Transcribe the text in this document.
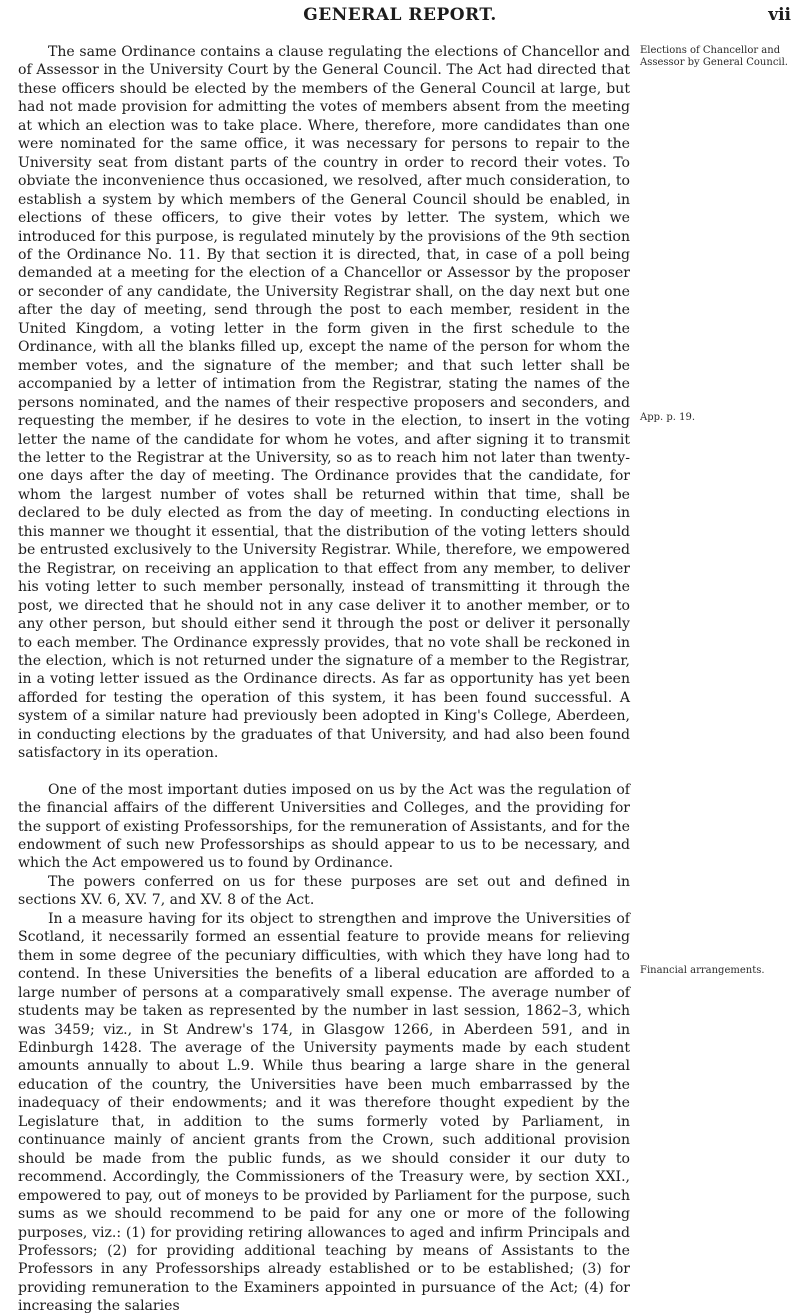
GENERAL REPORT.	vii

The same Ordinance contains a clause regulating the elections of Chancellor and of Assessor in the University Court by the General Council. The Act had directed that these officers should be elected by the members of the General Council at large, but had not made provision for admitting the votes of members absent from the meeting at which an election was to take place. Where, therefore, more candidates than one were nominated for the same office, it was necessary for persons to repair to the University seat from distant parts of the country in order to record their votes. To obviate the inconvenience thus occasioned, we resolved, after much consideration, to establish a system by which members of the General Council should be enabled, in elections of these officers, to give their votes by letter. The system, which we introduced for this purpose, is regulated minutely by the provisions of the 9th section of the Ordinance No. 11. By that section it is directed, that, in case of a poll being demanded at a meeting for the election of a Chancellor or Assessor by the proposer or seconder of any candidate, the University Registrar shall, on the day next but one after the day of meeting, send through the post to each member, resident in the United Kingdom, a voting letter in the form given in the first schedule to the Ordinance, with all the blanks filled up, except the name of the person for whom the member votes, and the signature of the member; and that such letter shall be accompanied by a letter of intimation from the Registrar, stating the names of the persons nominated, and the names of their respective proposers and seconders, and requesting the member, if he desires to vote in the election, to insert in the voting letter the name of the candidate for whom he votes, and after signing it to transmit the letter to the Registrar at the University, so as to reach him not later than twenty-one days after the day of meeting. The Ordinance provides that the candidate, for whom the largest number of votes shall be returned within that time, shall be declared to be duly elected as from the day of meeting. In conducting elections in this manner we thought it essential, that the distribution of the voting letters should be entrusted exclusively to the University Registrar. While, therefore, we empowered the Registrar, on receiving an application to that effect from any member, to deliver his voting letter to such member personally, instead of transmitting it through the post, we directed that he should not in any case deliver it to another member, or to any other person, but should either send it through the post or deliver it personally to each member. The Ordinance expressly provides, that no vote shall be reckoned in the election, which is not returned under the signature of a member to the Registrar, in a voting letter issued as the Ordinance directs. As far as opportunity has yet been afforded for testing the operation of this system, it has been found successful. A system of a similar nature had previously been adopted in King's College, Aberdeen, in conducting elections by the graduates of that University, and had also been found satisfactory in its operation.

One of the most important duties imposed on us by the Act was the regulation of the financial affairs of the different Universities and Colleges, and the providing for the support of existing Professorships, for the remuneration of Assistants, and for the endowment of such new Professorships as should appear to us to be necessary, and which the Act empowered us to found by Ordinance.

The powers conferred on us for these purposes are set out and defined in sections XV. 6, XV. 7, and XV. 8 of the Act.

In a measure having for its object to strengthen and improve the Universities of Scotland, it necessarily formed an essential feature to provide means for relieving them in some degree of the pecuniary difficulties, with which they have long had to contend. In these Universities the benefits of a liberal education are afforded to a large number of persons at a comparatively small expense. The average number of students may be taken as represented by the number in last session, 1862–3, which was 3459; viz., in St Andrew's 174, in Glasgow 1266, in Aberdeen 591, and in Edinburgh 1428. The average of the University payments made by each student amounts annually to about L.9. While thus bearing a large share in the general education of the country, the Universities have been much embarrassed by the inadequacy of their endowments; and it was therefore thought expedient by the Legislature that, in addition to the sums formerly voted by Parliament, in continuance mainly of ancient grants from the Crown, such additional provision should be made from the public funds, as we should consider it our duty to recommend. Accordingly, the Commissioners of the Treasury were, by section XXI., empowered to pay, out of moneys to be provided by Parliament for the purpose, such sums as we should recommend to be paid for any one or more of the following purposes, viz.: (1) for providing retiring allowances to aged and infirm Principals and Professors; (2) for providing additional teaching by means of Assistants to the Professors in any Professorships already established or to be established; (3) for providing remuneration to the Examiners appointed in pursuance of the Act; (4) for increasing the salaries

Elections of Chancellor and Assessor by General Council.
App. p. 19.
Financial arrangements.
